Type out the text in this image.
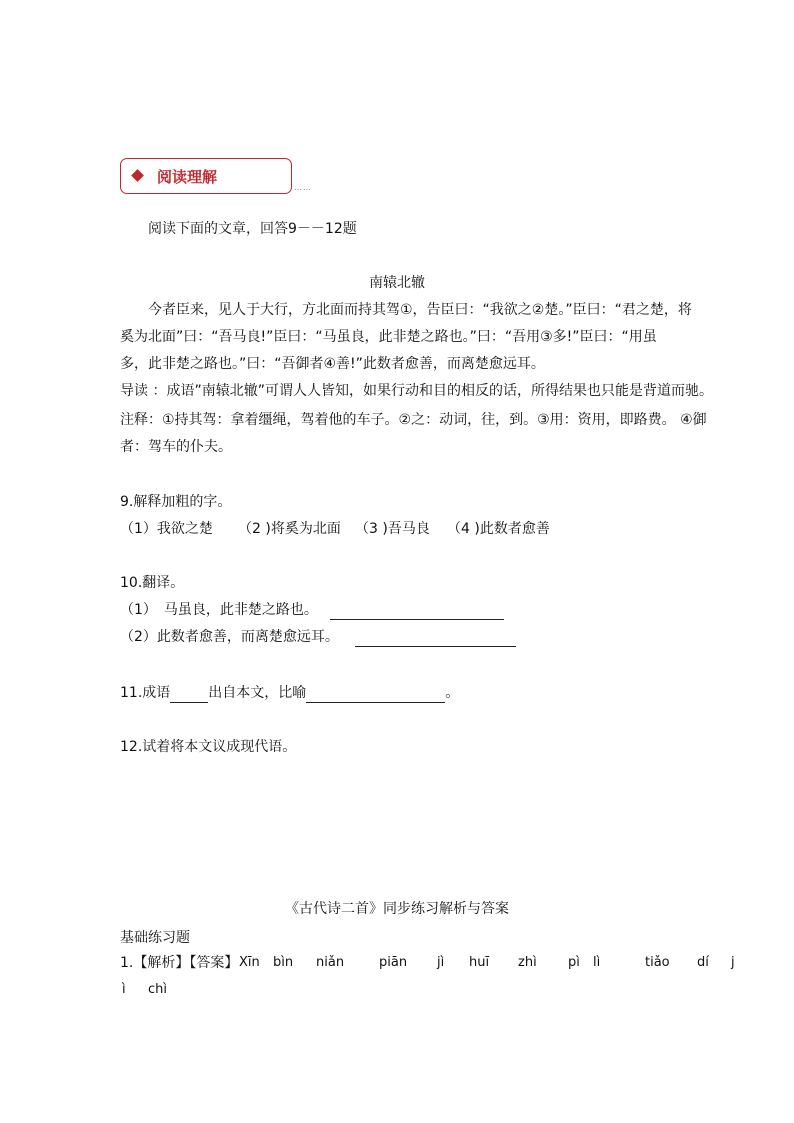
阅读理解
……
阅读下面的文章，回答9－－12题
南辕北辙
今者臣来，见人于大行，方北面而持其驾①，告臣曰：“我欲之②楚。”臣曰：“君之楚，将
奚为北面”曰：“吾马良!”臣曰：“马虽良，此非楚之路也。”曰：“吾用③多!”臣曰：“用虽
多，此非楚之路也。”曰：“吾御者④善!”此数者愈善，而离楚愈远耳。
导读 ：成语”南辕北辙”可谓人人皆知，如果行动和目的相反的话，所得结果也只能是背道而驰。
注释：①持其驾：拿着缰绳，驾着他的车子。②之：动词，往，到。③用：资用，即路费。 ④御
者：驾车的仆夫。
9.解释加粗的字。
（1）我欲之楚 （2 )将奚为北面 （3 )吾马良 （4 )此数者愈善
10.翻译。
（1）　马虽良，此非楚之路也。
（2）此数者愈善，而离楚愈远耳。
11.成语	出自本文，比喻	。
12.试着将本文议成现代语。
《古代诗二首》同步练习解析与答案
基础练习题
1.【解析】【答案】 Xīn bìn niǎn	piān jì huī zhì pì lì	tiǎo dí j
ì chì
